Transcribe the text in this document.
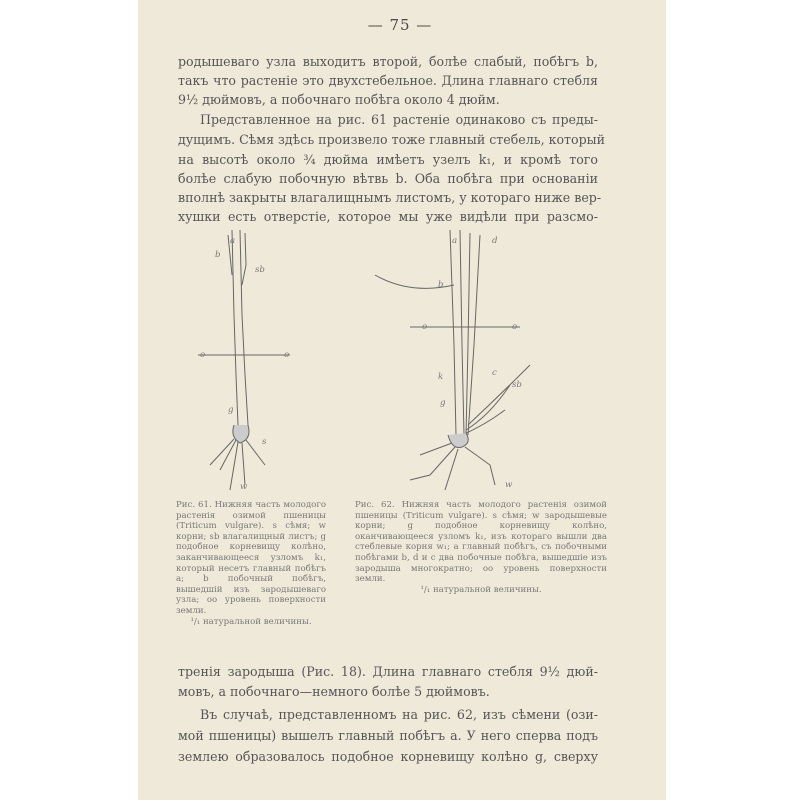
— 75 —
родышеваго узла выходитъ второй, болѣе слабый, побѣгъ b,
такъ что растеніе это двухстебельное. Длина главнаго стебля
9½ дюймовъ, а побочнаго побѣга около 4 дюйм.
Представленное на рис. 61 растеніе одинаково съ преды-
дущимъ. Сѣмя здѣсь произвело тоже главный стебель, который
на высотѣ около ¾ дюйма имѣетъ узелъ k₁, и кромѣ того
болѣе слабую побочную вѣтвь b. Оба побѣга при основаніи
вполнѣ закрыты влагалищнымъ листомъ, у котораго ниже вер-
хушки есть отверстіе, которое мы уже видѣли при разсмо-
a
b
sb
o	o
g
s
w
a	d
b
o	o
k
g
c
sb
w
Рис. 61. Нижняя часть молодого растенія озимой пшеницы (Triticum vulgare). s сѣмя; w корни; sb влагалищный листъ; g подобное корневищу колѣно, заканчивающееся узломъ k₁, который несетъ главный побѣгъ a; b побочный побѣгъ, вышедшій изъ зародышеваго узла; oo уровень поверхности земли.
¹/₁ натуральной величины.
Рис. 62. Нижняя часть молодого растенія озимой пшеницы (Triticum vulgare). s сѣмя; w зародышевые корни; g подобное корневищу колѣно, оканчивающееся узломъ k₁, изъ котораго вышли два стеблевые корня w₁; a главный побѣгъ, съ побочными побѣгами b, d и c два побочные побѣга, вышедшіе изъ зародыша многократно; oo уровень поверхности земли.
¹/₁ натуральной величины.
тренія зародыша (Рис. 18). Длина главнаго стебля 9½ дюй-
мовъ, а побочнаго—немного болѣе 5 дюймовъ.
Въ случаѣ, представленномъ на рис. 62, изъ сѣмени (ози-
мой пшеницы) вышелъ главный побѣгъ a. У него сперва подъ
землею образовалось подобное корневищу колѣно g, сверху
